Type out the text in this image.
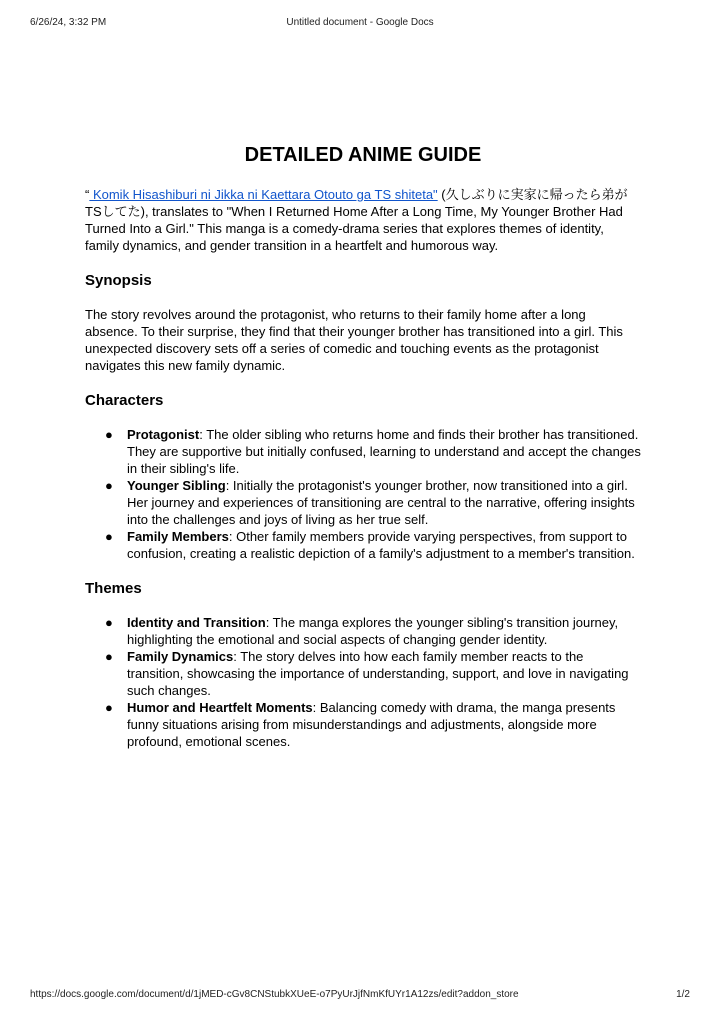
6/26/24, 3:32 PM	Untitled document - Google Docs
DETAILED ANIME GUIDE

“ Komik Hisashiburi ni Jikka ni Kaettara Otouto ga TS shiteta" (久しぶりに実家に帰ったら弟がTSしてた), translates to "When I Returned Home After a Long Time, My Younger Brother Had Turned Into a Girl." This manga is a comedy-drama series that explores themes of identity, family dynamics, and gender transition in a heartfelt and humorous way.

Synopsis

The story revolves around the protagonist, who returns to their family home after a long absence. To their surprise, they find that their younger brother has transitioned into a girl. This unexpected discovery sets off a series of comedic and touching events as the protagonist navigates this new family dynamic.

Characters
● Protagonist: The older sibling who returns home and finds their brother has transitioned. They are supportive but initially confused, learning to understand and accept the changes in their sibling's life.
● Younger Sibling: Initially the protagonist's younger brother, now transitioned into a girl. Her journey and experiences of transitioning are central to the narrative, offering insights into the challenges and joys of living as her true self.
● Family Members: Other family members provide varying perspectives, from support to confusion, creating a realistic depiction of a family's adjustment to a member's transition.
Themes
● Identity and Transition: The manga explores the younger sibling's transition journey, highlighting the emotional and social aspects of changing gender identity.
● Family Dynamics: The story delves into how each family member reacts to the transition, showcasing the importance of understanding, support, and love in navigating such changes.
● Humor and Heartfelt Moments: Balancing comedy with drama, the manga presents funny situations arising from misunderstandings and adjustments, alongside more profound, emotional scenes.
https://docs.google.com/document/d/1jMED-cGv8CNStubkXUeE-o7PyUrJjfNmKfUYr1A12zs/edit?addon_store	1/2
